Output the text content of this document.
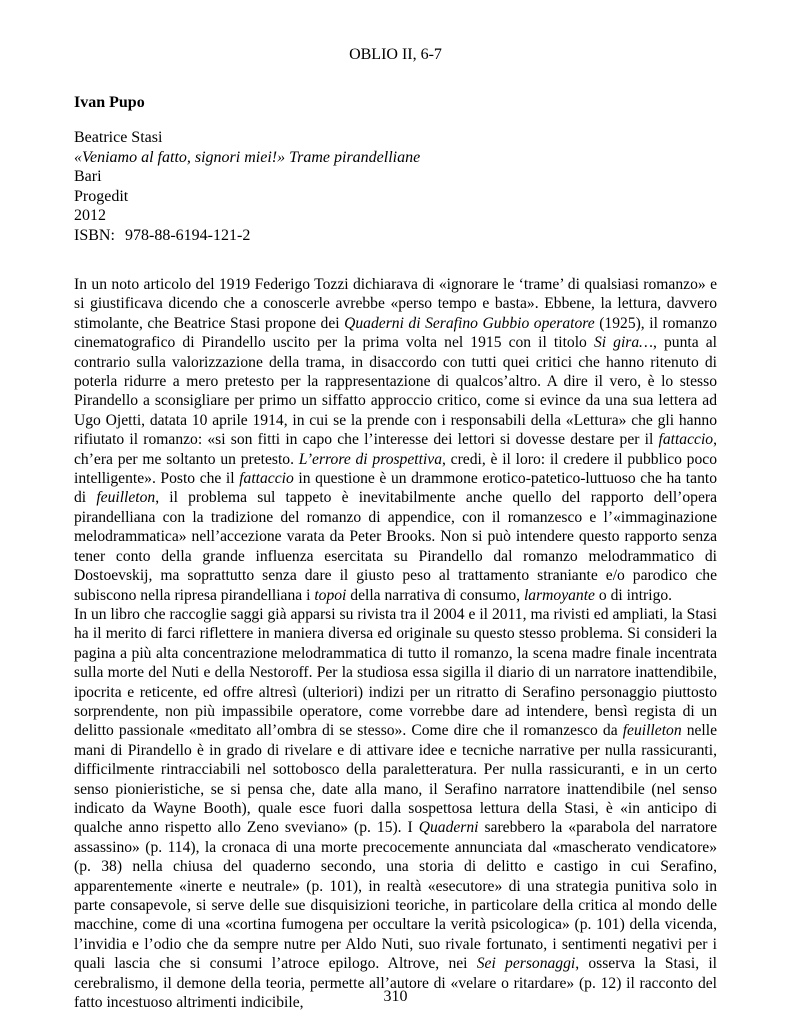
OBLIO II, 6-7
Ivan Pupo
Beatrice Stasi
«Veniamo al fatto, signori miei!» Trame pirandelliane
Bari
Progedit
2012
ISBN: 978-88-6194-121-2

In un noto articolo del 1919 Federigo Tozzi dichiarava di «ignorare le ‘trame’ di qualsiasi romanzo» e si giustificava dicendo che a conoscerle avrebbe «perso tempo e basta». Ebbene, la lettura, davvero stimolante, che Beatrice Stasi propone dei Quaderni di Serafino Gubbio operatore (1925), il romanzo cinematografico di Pirandello uscito per la prima volta nel 1915 con il titolo Si gira…, punta al contrario sulla valorizzazione della trama, in disaccordo con tutti quei critici che hanno ritenuto di poterla ridurre a mero pretesto per la rappresentazione di qualcos’altro. A dire il vero, è lo stesso Pirandello a sconsigliare per primo un siffatto approccio critico, come si evince da una sua lettera ad Ugo Ojetti, datata 10 aprile 1914, in cui se la prende con i responsabili della «Lettura» che gli hanno rifiutato il romanzo: «si son fitti in capo che l’interesse dei lettori si dovesse destare per il fattaccio, ch’era per me soltanto un pretesto. L’errore di prospettiva, credi, è il loro: il credere il pubblico poco intelligente». Posto che il fattaccio in questione è un drammone erotico-patetico-luttuoso che ha tanto di feuilleton, il problema sul tappeto è inevitabilmente anche quello del rapporto dell’opera pirandelliana con la tradizione del romanzo di appendice, con il romanzesco e l’«immaginazione melodrammatica» nell’accezione varata da Peter Brooks. Non si può intendere questo rapporto senza tener conto della grande influenza esercitata su Pirandello dal romanzo melodrammatico di Dostoevskij, ma soprattutto senza dare il giusto peso al trattamento straniante e/o parodico che subiscono nella ripresa pirandelliana i topoi della narrativa di consumo, larmoyante o di intrigo.

In un libro che raccoglie saggi già apparsi su rivista tra il 2004 e il 2011, ma rivisti ed ampliati, la Stasi ha il merito di farci riflettere in maniera diversa ed originale su questo stesso problema. Si consideri la pagina a più alta concentrazione melodrammatica di tutto il romanzo, la scena madre finale incentrata sulla morte del Nuti e della Nestoroff. Per la studiosa essa sigilla il diario di un narratore inattendibile, ipocrita e reticente, ed offre altresì (ulteriori) indizi per un ritratto di Serafino personaggio piuttosto sorprendente, non più impassibile operatore, come vorrebbe dare ad intendere, bensì regista di un delitto passionale «meditato all’ombra di se stesso». Come dire che il romanzesco da feuilleton nelle mani di Pirandello è in grado di rivelare e di attivare idee e tecniche narrative per nulla rassicuranti, difficilmente rintracciabili nel sottobosco della paraletteratura. Per nulla rassicuranti, e in un certo senso pionieristiche, se si pensa che, date alla mano, il Serafino narratore inattendibile (nel senso indicato da Wayne Booth), quale esce fuori dalla sospettosa lettura della Stasi, è «in anticipo di qualche anno rispetto allo Zeno sveviano» (p. 15). I Quaderni sarebbero la «parabola del narratore assassino» (p. 114), la cronaca di una morte precocemente annunciata dal «mascherato vendicatore» (p. 38) nella chiusa del quaderno secondo, una storia di delitto e castigo in cui Serafino, apparentemente «inerte e neutrale» (p. 101), in realtà «esecutore» di una strategia punitiva solo in parte consapevole, si serve delle sue disquisizioni teoriche, in particolare della critica al mondo delle macchine, come di una «cortina fumogena per occultare la verità psicologica» (p. 101) della vicenda, l’invidia e l’odio che da sempre nutre per Aldo Nuti, suo rivale fortunato, i sentimenti negativi per i quali lascia che si consumi l’atroce epilogo. Altrove, nei Sei personaggi, osserva la Stasi, il cerebralismo, il demone della teoria, permette all’autore di «velare o ritardare» (p. 12) il racconto del fatto incestuoso altrimenti indicibile,	310
